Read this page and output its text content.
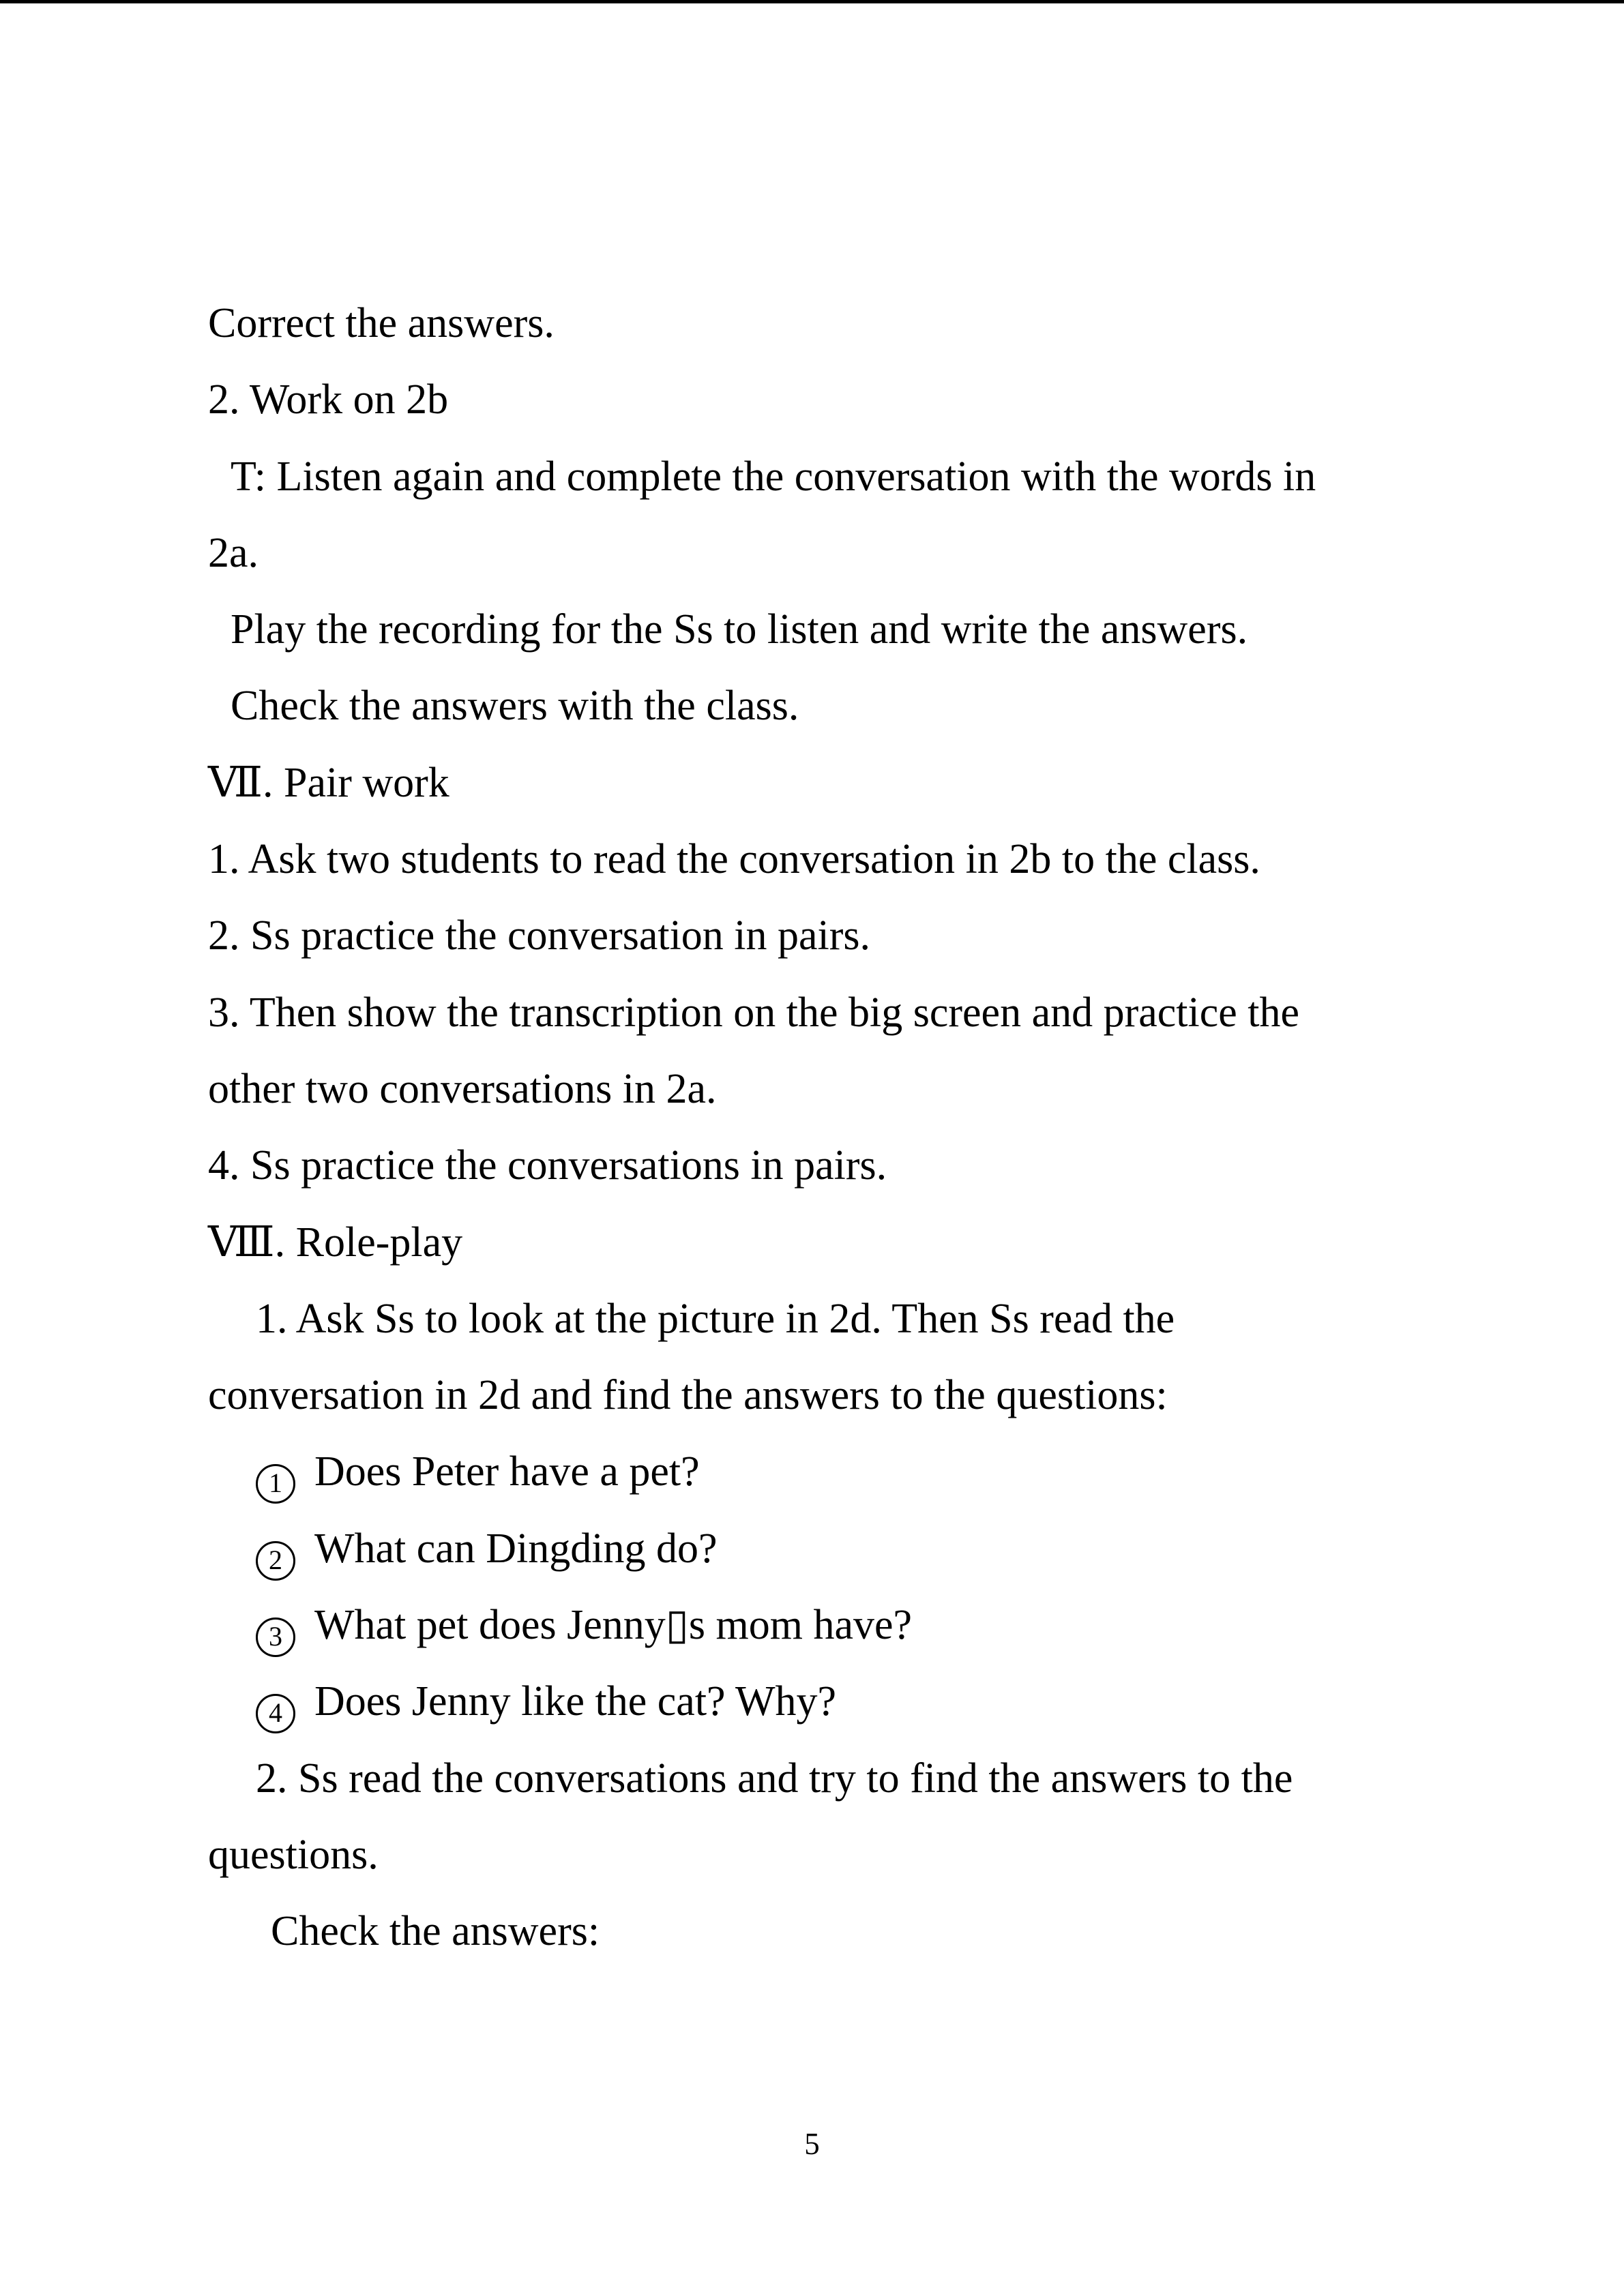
Correct the answers.

2. Work on 2b

T: Listen again and complete the conversation with the words in

2a.

Play the recording for the Ss to listen and write the answers.

Check the answers with the class.

Ⅶ. Pair work

1. Ask two students to read the conversation in 2b to the class.

2. Ss practice the conversation in pairs.

3. Then show the transcription on the big screen and practice the

other two conversations in 2a.

4. Ss practice the conversations in pairs.

Ⅷ. Role-play

1. Ask Ss to look at the picture in 2d. Then Ss read the

conversation in 2d and find the answers to the questions:

1 Does Peter have a pet?

2 What can Dingding do?

3 What pet does Jenny▯s mom have?

4 Does Jenny like the cat? Why?

2. Ss read the conversations and try to find the answers to the

questions.

Check the answers:

5
